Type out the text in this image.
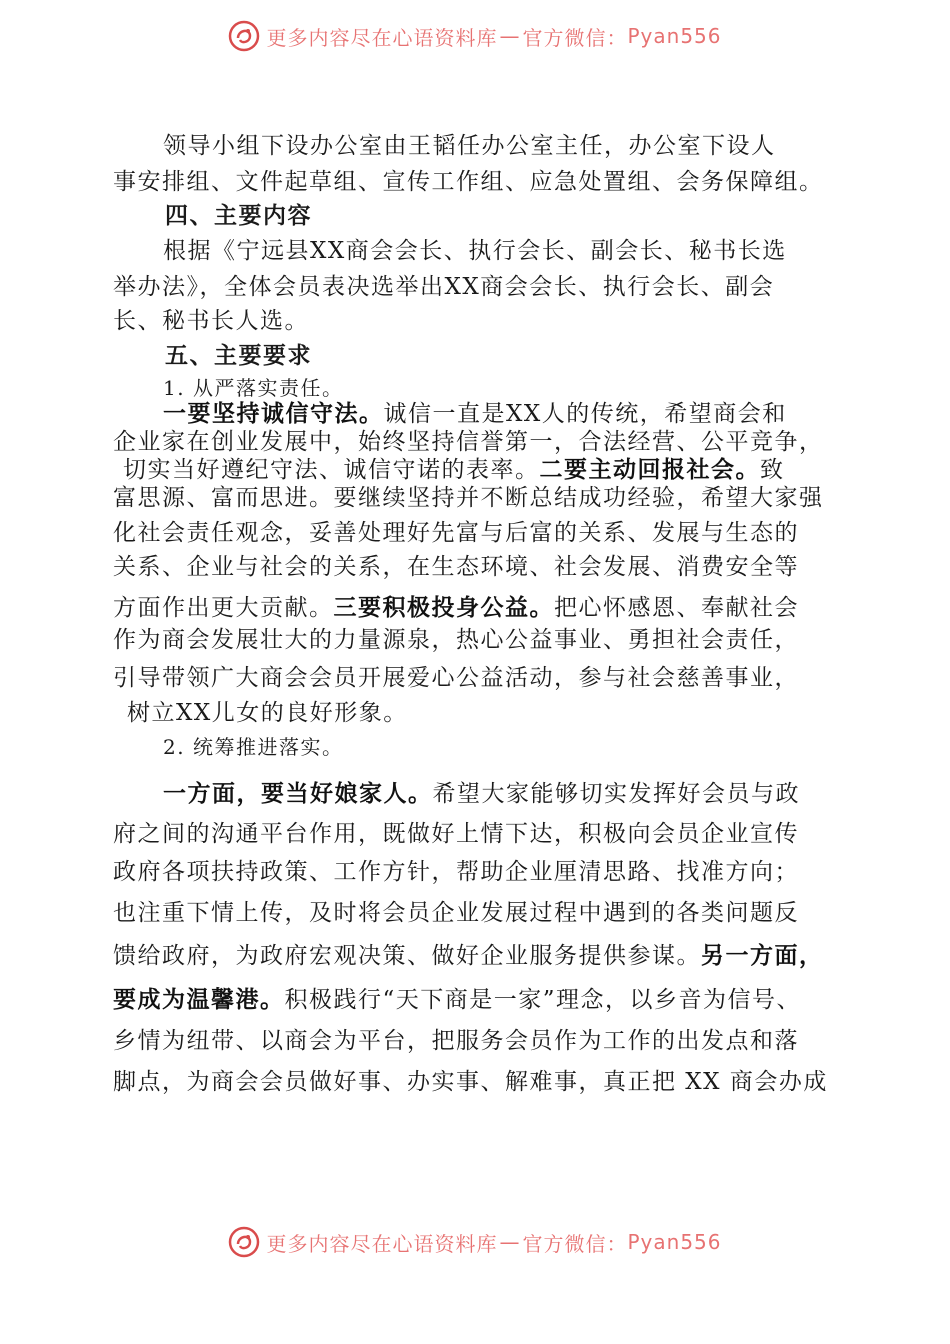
更多内容尽在心语资料库 — 官方微信： Pyan556
领导小组下设办公室由王韬任办公室主任，办公室下设人
事安排组、文件起草组、宣传工作组、应急处置组、会务保障组。
四、主要内容
根据《宁远县XX商会会长、执行会长、副会长、秘书长选
举办法》，全体会员表决选举出XX商会会长、执行会长、副会
长、秘书长人选。
五、主要要求
1. 从严落实责任。
一要坚持诚信守法。诚信一直是XX人的传统，希望商会和
企业家在创业发展中，始终坚持信誉第一，合法经营、公平竞争，
切实当好遵纪守法、诚信守诺的表率。二要主动回报社会。致
富思源、富而思进。要继续坚持并不断总结成功经验，希望大家强
化社会责任观念，妥善处理好先富与后富的关系、发展与生态的
关系、企业与社会的关系，在生态环境、社会发展、消费安全等
方面作出更大贡献。三要积极投身公益。把心怀感恩、奉献社会
作为商会发展壮大的力量源泉，热心公益事业、勇担社会责任，
引导带领广大商会会员开展爱心公益活动，参与社会慈善事业，
树立XX儿女的良好形象。
2. 统筹推进落实。
一方面，要当好娘家人。希望大家能够切实发挥好会员与政
府之间的沟通平台作用，既做好上情下达，积极向会员企业宣传
政府各项扶持政策、工作方针，帮助企业厘清思路、找准方向；
也注重下情上传，及时将会员企业发展过程中遇到的各类问题反
馈给政府，为政府宏观决策、做好企业服务提供参谋。另一方面，
要成为温馨港。积极践行“天下商是一家”理念，以乡音为信号、
乡情为纽带、以商会为平台，把服务会员作为工作的出发点和落
脚点，为商会会员做好事、办实事、解难事，真正把 XX 商会办成
更多内容尽在心语资料库 — 官方微信： Pyan556
